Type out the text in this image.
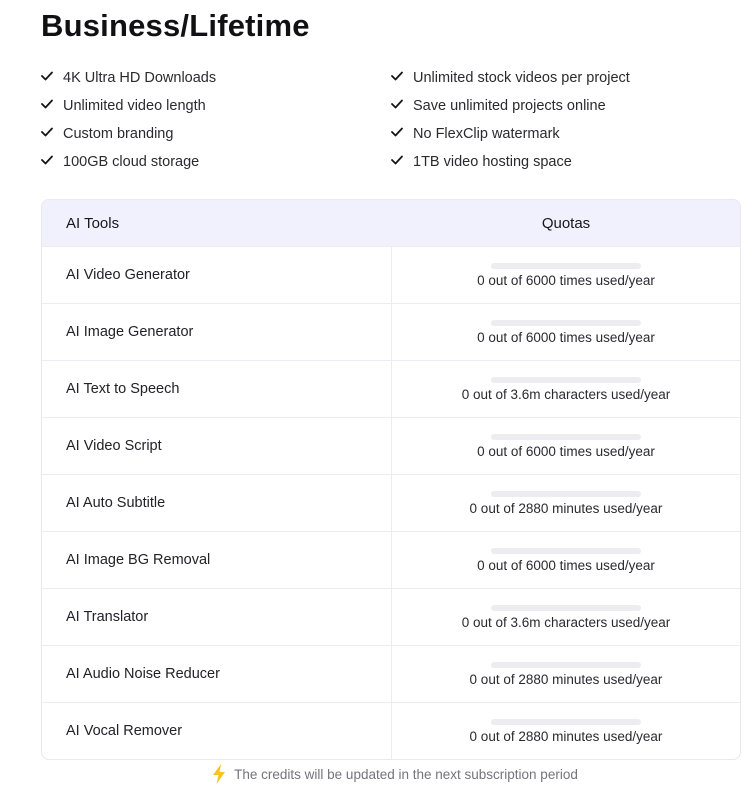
Business/Lifetime
4K Ultra HD Downloads	Unlimited stock videos per project
Unlimited video length	Save unlimited projects online
Custom branding	No FlexClip watermark
100GB cloud storage	1TB video hosting space
AI Tools	Quotas
AI Video Generator	0 out of 6000 times used/year
AI Image Generator	0 out of 6000 times used/year
AI Text to Speech	0 out of 3.6m characters used/year
AI Video Script	0 out of 6000 times used/year
AI Auto Subtitle	0 out of 2880 minutes used/year
AI Image BG Removal	0 out of 6000 times used/year
AI Translator	0 out of 3.6m characters used/year
AI Audio Noise Reducer	0 out of 2880 minutes used/year
AI Vocal Remover	0 out of 2880 minutes used/year
The credits will be updated in the next subscription period
